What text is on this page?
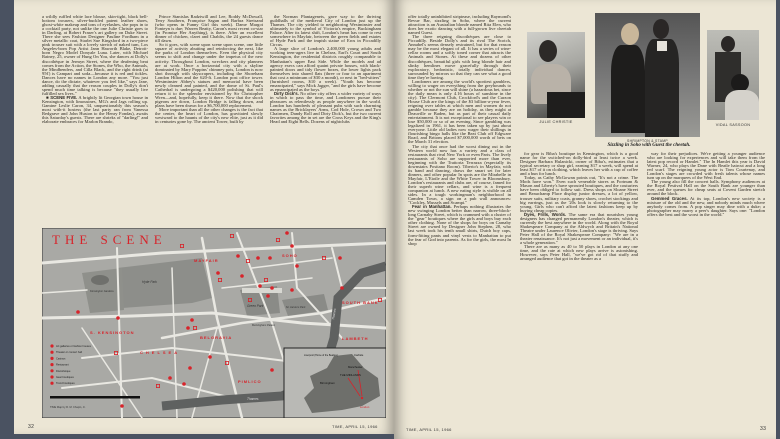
a wildly ruffled white lace blouse, skin-tight, black bell-bottom trousers, silver-buckled patent leather shoes, ghost-white makeup and tons of eyelashes, she pops in to a cocktail party, not unlike the one Julie Christie goes to in Darling, at Robert Fraser's art gallery on Duke Street. There she sees Fashion Designer Pauline Fordham in a silver metallic coat, Starlet Sue Kingsford in a two-piece pink trouser suit with a lovely stretch of naked tum, Los Angeles-born Pop Artist Jann Haworth Blake, Detroit-born Negro Model Donyale Luna. Later, with Michael Rainey, 25, owner of Hung On You, she dances at Dolly's discothèque in Jermyn Street, where the deafening beat comes from the Action, the Stones, the Who, the Animals, the Mindbenders, and Cilla Black, and the right drink (at 95¢) is Campari and soda—because it is red and tickles. Dances have no names in London any more. "You just dance, do the dictate, whatever you feel like," says Jane, adding casually that the reason couples in Dolly's don't spend much time talking is because "they usually live fulfilled sex lives."

■ SCENE FIVE. A brightly lit Georgian town house in Kensington, with limousines, MG's and Jags rolling up. Gamine Leslie Caron, 34, unquestionably this season's most with-it hostess (the last party ran from Vanessa Redgrave and John Huston to the Henry Fondas), awaits this Saturday's guests. There are shrieks of "darling!" and elaborate embraces for Marlon Brando,

Prince Stanislas Radziwill and Lee, Roddy McDowall, Terry Southern, Françoise Sagan and Barbra Streisand (who opens in Funny Girl this week). Dame Margot Fonteyn is due; Warren Beatty, Caron's most recent co-star (in Promise Her Anything), is there. After an excellent dinner of chicken, claret and Chablis, the 24 guests dance till dawn.

So it goes, with scene upon scene upon scene, one little square of activity abutting and reinforcing the next, like the parks of London themselves. Even the physical city seems to shift and change under the impetus of the new activity. Throughout London, wreckers and city planners are at work. Once a horizontal city with a skyline dominated by Mary Poppins' chimney pots, London is now shot through with skyscrapers, including the Shoreham London Hilton and the 620-ft. London post office tower. Westminster Abbey's statues and memorial have been newly cleaned and painted, and the dome of St. Paul's Cathedral is undergoing a $420,000 polishing that will return it to the splendor envisioned by Sir Christopher Wren—and, hopefully, keep it there. Now that the shock pigeons are down, London Bridge is falling down, and plans have been drawn for a $6,700,000 replacement.

More important than all the other changes is the fact that the center, the heart of London, has gravitated slowly westward to the haunts of the city's new elite, just as it did in centuries gone by. The ancient Tower, built by

the Norman Plantagenets, gave way to the thriving guildhalls of the medieval City of London just up the Thames. The city yielded to neighboring Westminster and ultimately to the symbol of Victoria's empire, Buckingham Palace. After its latest shift, London's heart has come to rest somewhere in Mayfair, between the green fields and estates of Hyde Park and the impish statue of Eros in Piccadilly Circus.

A large slice of London's 2,400,000 young adults and working teen-agers live in Chelsea, Earl's Court and South Kensington, the residential districts roughly comparable to Manhattan's upper East Side. While the models and ad agency execs can afford quaint private houses, with black-painted doors and tidy flower boxes, the lower lights pack themselves into shared flats (three or four to an apartment that cost a minimum of $30 a month), or nest in "bed-sitters" (furnished rooms, $10 a week). "Youth has become emancipated," says Mick Jagger, "and the girls have become as emancipated as the boys."

Dirty Dick's. No other city offers a wider variety of ways in which to pass the time, and Londoners pursue their pleasures as relentlessly as people anywhere in the world. London has hundreds of pleasant pubs with such charming names as the Bricklayers' Arms, Cod Hole, Crown and Two Chairmen, Dandy Roll and Dirty Dick's, but the two current favorites among the in set are the Cross Keys and the King's Head and Eight Bells. Dozens of nightclubs

THE SCENE
MAYFAIR
SOHO
S. KENSINGTON
CHELSEA
BELGRAVIA
PIMLICO
SOUTH BANK
LAMBETH
Hyde Park
Kensington Gardens
Green Park	St. James's Park
Buckingham Palace
Thames
Thames
Art galleries or fashion houses
Theater or concert hall
Casinos
Restaurant
Discothèque
Gear boutiques
Trend boutiques
TIME Map by R. M. Chapin, Jr.
Liverpool (Home of the Beatles)	Carlisle
Manchester
THE MIDLANDS
Birmingham
London
32	TIME, APRIL 15, 1966

offer totally uninhibited striptease, including Raymond's Revue Bar, sizzling in Soho, where the current attraction is an Australian blonde named Rita Elen, who does her exotic dancing with a full-grown live cheetah named Guest.

The three reigning discothèques are close to Piccadilly. Beside Dolly's and its rival The Scotch, Annabel's seems densely restrained, but for that reason may be the most elegant of all. It has a series of wine-cellar rooms and a softly toned corner that attracts the Animals and Stones. At these and dozens of other discothèques, beautiful girls with long blonde hair and slinky hemlines move gracefully through their exploratory, hedonistic, totally individual dances, surrounded by mirrors so that they can see what a good time they're having.

Londoners are among the world's sportiest gamblers, willing to wager on everything from the greyhounds to whether or not the sun will shine (a hazardous bet, since the daily mean is only 4.16 hours of sunshine in the city). The Clermont Club, Crockford's and the Curzon House Club are the kings of the $3 billion-a-year fever, reigning over tables at which men and women do not gamble because they are on holiday, as they might at Deauville or Baden, but as part of their casual daily entertainment. It is not exceptional to see players win or lose $50,000 or so of an evening. Since gambling was legalized in 1961, it has been taken up by just about everyone. Little old ladies now wager their shillings in flourishing bingo halls like the Beat Club off Edgware Road, and Britons placed $7,000,000 worth of bets on the March 31 election.

The city that once had the worst dining out in the Western world now has a variety and a class of restaurants that rival New York or even Paris. The lively restaurants of Soho are supported more than ever, beginning with the Trattoria Terrazza (especially its downstairs Positano Room). Tiberio's in Mayfair, with its band and dancing, draws the smart set for later dinners, and other popular In spots are the Mirabelle in Mayfair, L'Etoile and the White Tower in Bloomsbury. London's restaurants and clubs are, of course, famed for their superb wine cellars, and wine is a frequent companion at lunch. A new eating style is visible on all sides. In a tough workingman's neighborhood in Camden Town, a sign on a pub wall announces: "Cockles, Mussels and Scampi."

Fear in Manhattan. Perhaps nothing illustrates the new swinging London better than narrow, three-block-long Carnaby Street, which is crammed with a cluster of the "gear" boutiques where the girls and boys buy each other clothing. None of the shops for boys on Carnaby Street are owned by Designer John Stephen, 28, who last week took his tenth small shirts, Dutch boy caps, form-fitting pants and vinyl vests to Manhattan to put the fear of God into parents. As for the girls, the most In shop

JULIE CHRISTIE
SHRIMPTON & STAMP
Sizzling in Soho with Guest the cheetah.
VIDAL SASSOON

for gear is Biba's boutique in Kensington, which is a good name for the switched-on dolly-bird at least twice a week. Designer Barbara Hulanicki, owner of Biba's, estimates that a typical secretary or shop girl, earning $17 a week, will spend at least $17 of it on clothing, which leaves her with a cup of coffee and a bun for lunch.

Today, as Cathy McGowan points out, "It's not a crime. The Mods have won." Even such venerable stores as Fortnum & Mason and Liberty's have sprouted boutiques, and the couturiers have been obliged to follow suit. Dress shops on Sloane Street and Beauchamp Place display junior dresses, a lot of yellow, trouser suits, military coats, granny shoes, crochet stockings and big earrings, just as the '20s look is slowly returning to the young. Girls who can't afford the latest fashions keep up by buying cheap copies.

Dyes, Frills, Words. The same era that nourishes young designers has changed permanently London's theater, which is currently the best anywhere in the world. Along with the Royal Shakespeare Company at the Aldwych and Britain's National Theatre under Laurence Olivier, London's stage is thriving. Says Peter Hall of the Royal Shakespeare Company: "We are in a theater renaissance. It's not just a movement or an individual, it's a whole generation."

There are as many as 40 to 50 plays in London at any one time, and the rate at which new plays arrive is astonishing. However, says Peter Hall, "we've got rid of that stuffy and arranged audience that got in the theater as a

way for their prejudices. We're getting a younger audience who are looking for experiences and will take them from the latest pop record or Hamlet." The In Hamlet this year is David Warner, 24, who plays the Dane with Beatle haircut and a long red scarf. The reigning young actor is Tom Courtenay, and London's stages are crowded with fresh talents whose names turn up on the marquees of the West End.

The young also fill the concert halls. Symphony audiences at the Royal Festival Hall on the South Bank are younger than ever, and the queues for cheap seats at Covent Garden stretch around the block.

Gemmed Graces. At its top, London's new society is a mixture of the old and the new, and nobody minds much where anybody comes from. A pop singer may dine with a duke; a photographer may marry a peer's daughter. Says one: "London offers the best and the worst in the world."

TIME, APRIL 15, 1966	33
